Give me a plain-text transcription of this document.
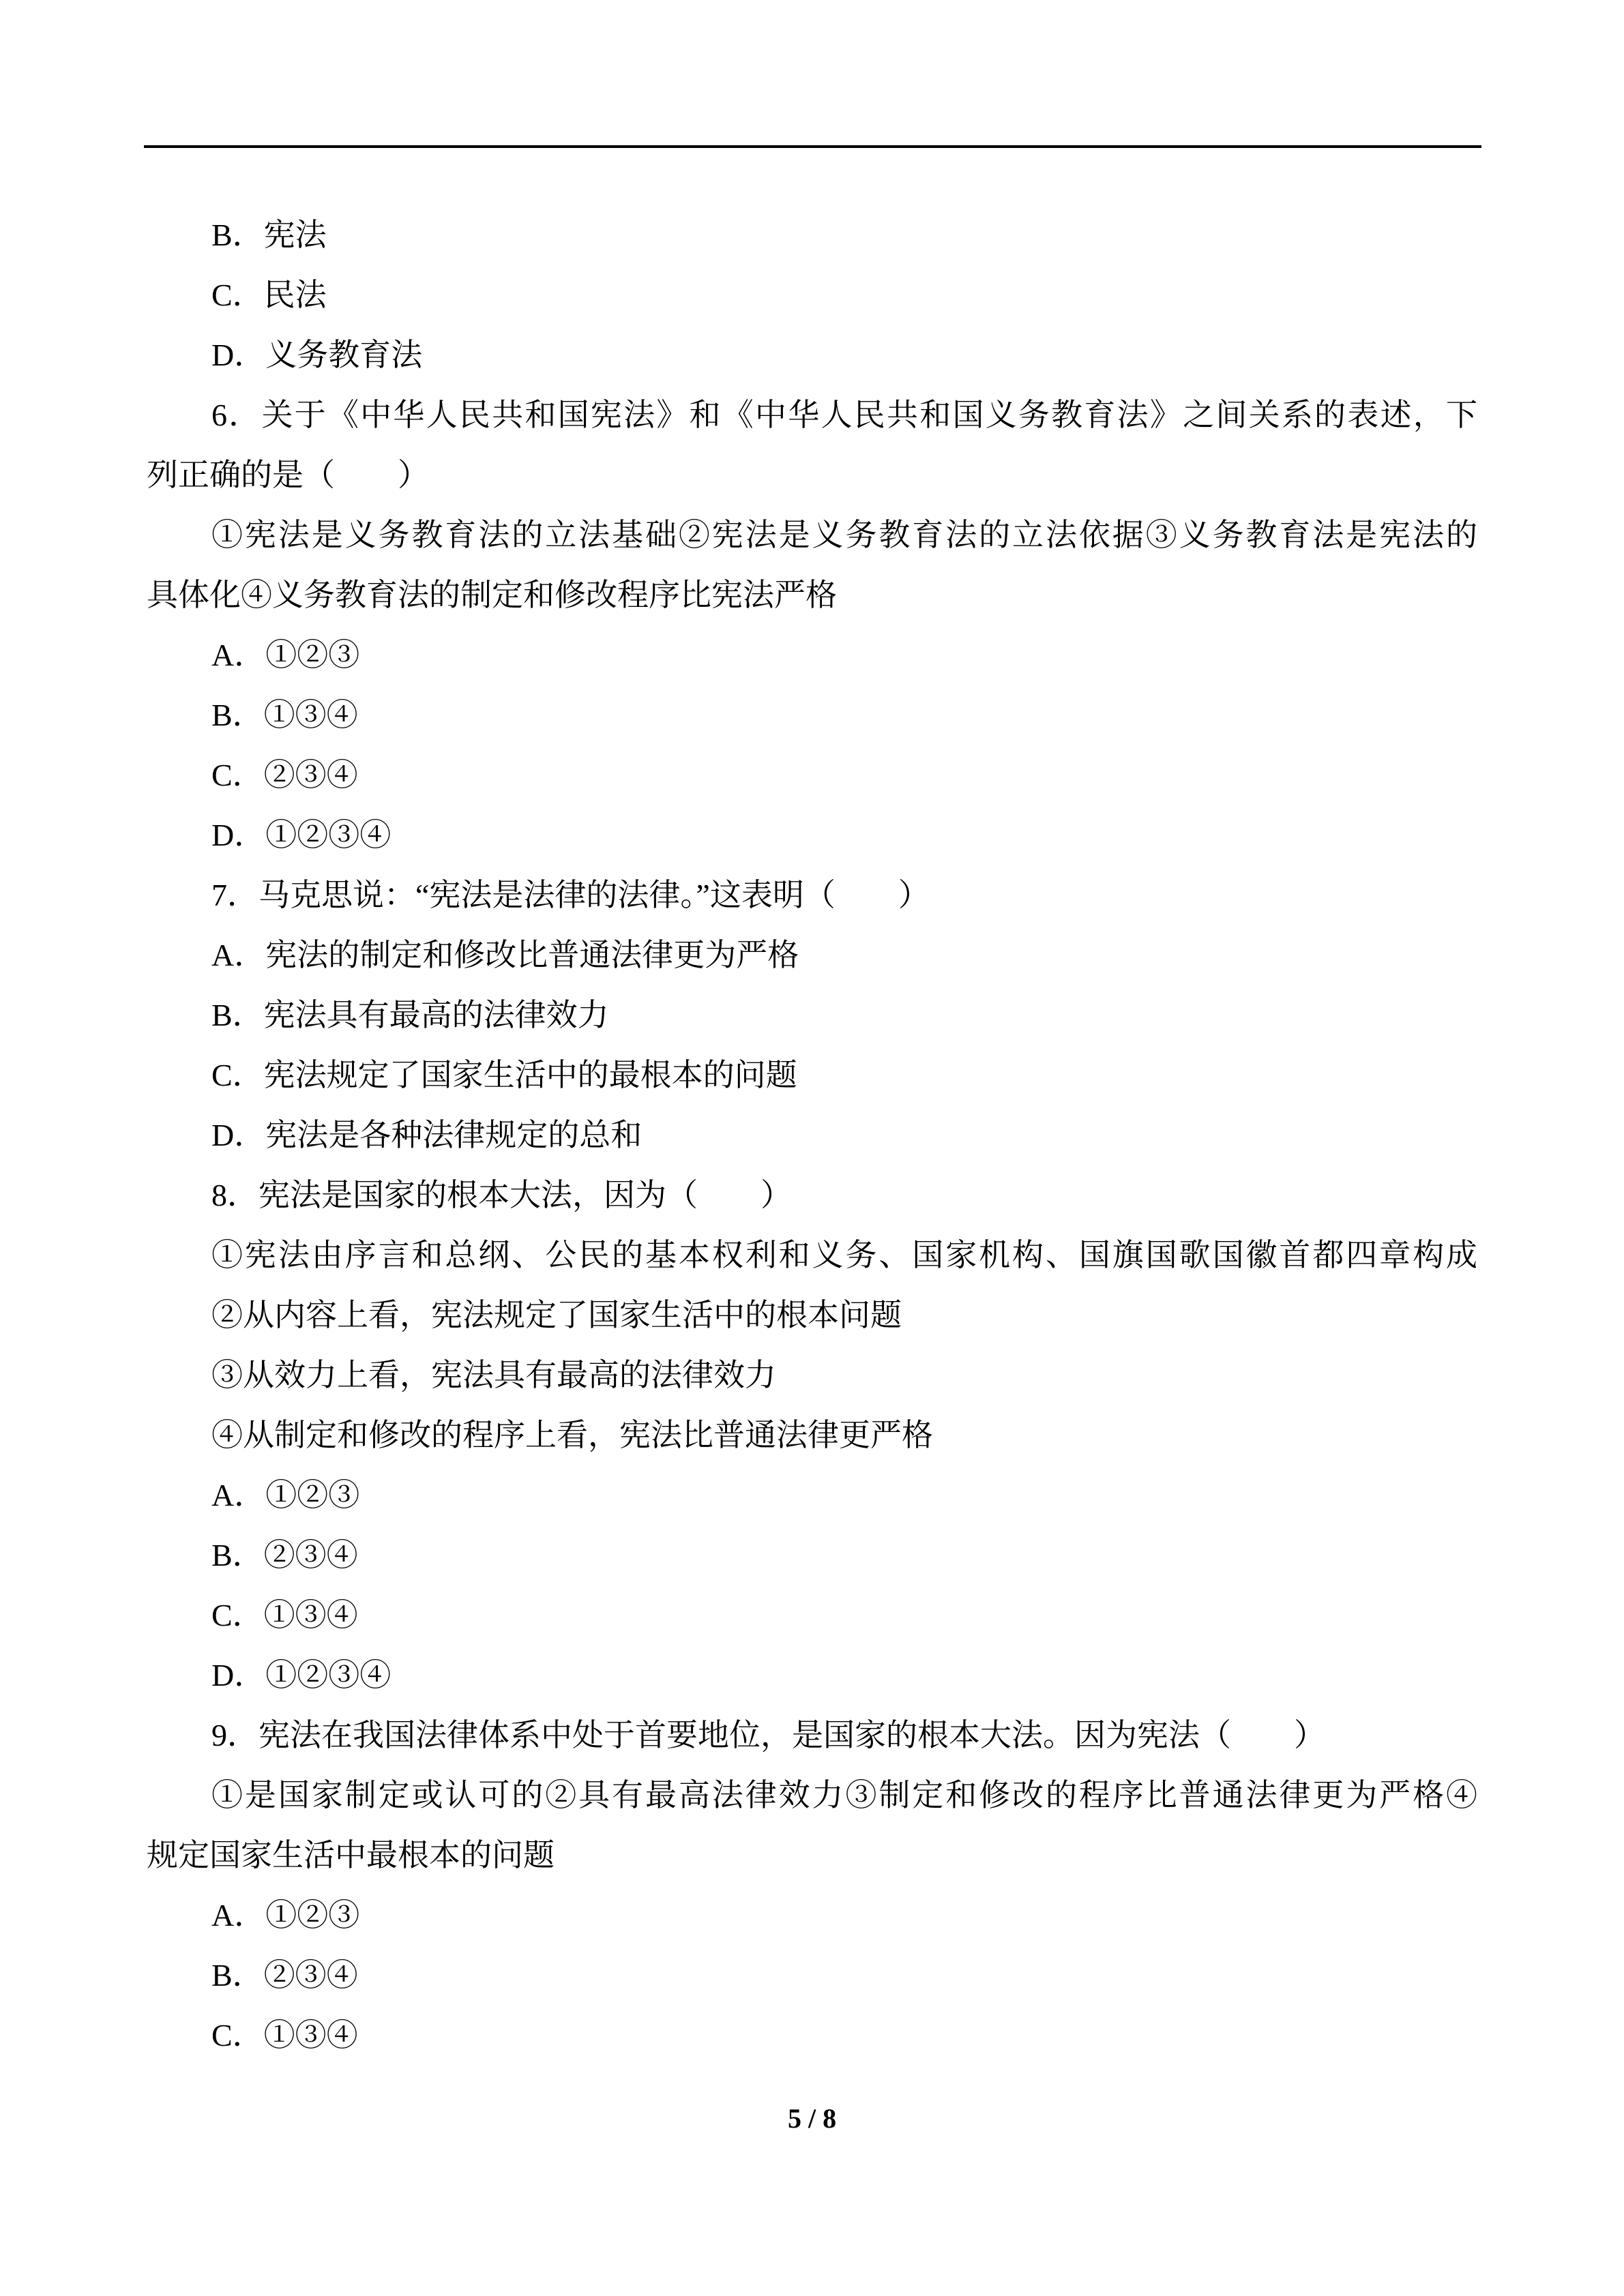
B．宪法
C．民法
D．义务教育法
6．关于《中华人民共和国宪法》和《中华人民共和国义务教育法》之间关系的表述，下
列正确的是（　　）
①宪法是义务教育法的立法基础②宪法是义务教育法的立法依据③义务教育法是宪法的
具体化④义务教育法的制定和修改程序比宪法严格
A．①②③
B．①③④
C．②③④
D．①②③④
7．马克思说：“宪法是法律的法律。”这表明（　　）
A．宪法的制定和修改比普通法律更为严格
B．宪法具有最高的法律效力
C．宪法规定了国家生活中的最根本的问题
D．宪法是各种法律规定的总和
8．宪法是国家的根本大法，因为（　　）
①宪法由序言和总纲、公民的基本权利和义务、国家机构、国旗国歌国徽首都四章构成
②从内容上看，宪法规定了国家生活中的根本问题
③从效力上看，宪法具有最高的法律效力
④从制定和修改的程序上看，宪法比普通法律更严格
A．①②③
B．②③④
C．①③④
D．①②③④
9．宪法在我国法律体系中处于首要地位，是国家的根本大法。因为宪法（　　）
①是国家制定或认可的②具有最高法律效力③制定和修改的程序比普通法律更为严格④
规定国家生活中最根本的问题
A．①②③
B．②③④
C．①③④
5 / 8
